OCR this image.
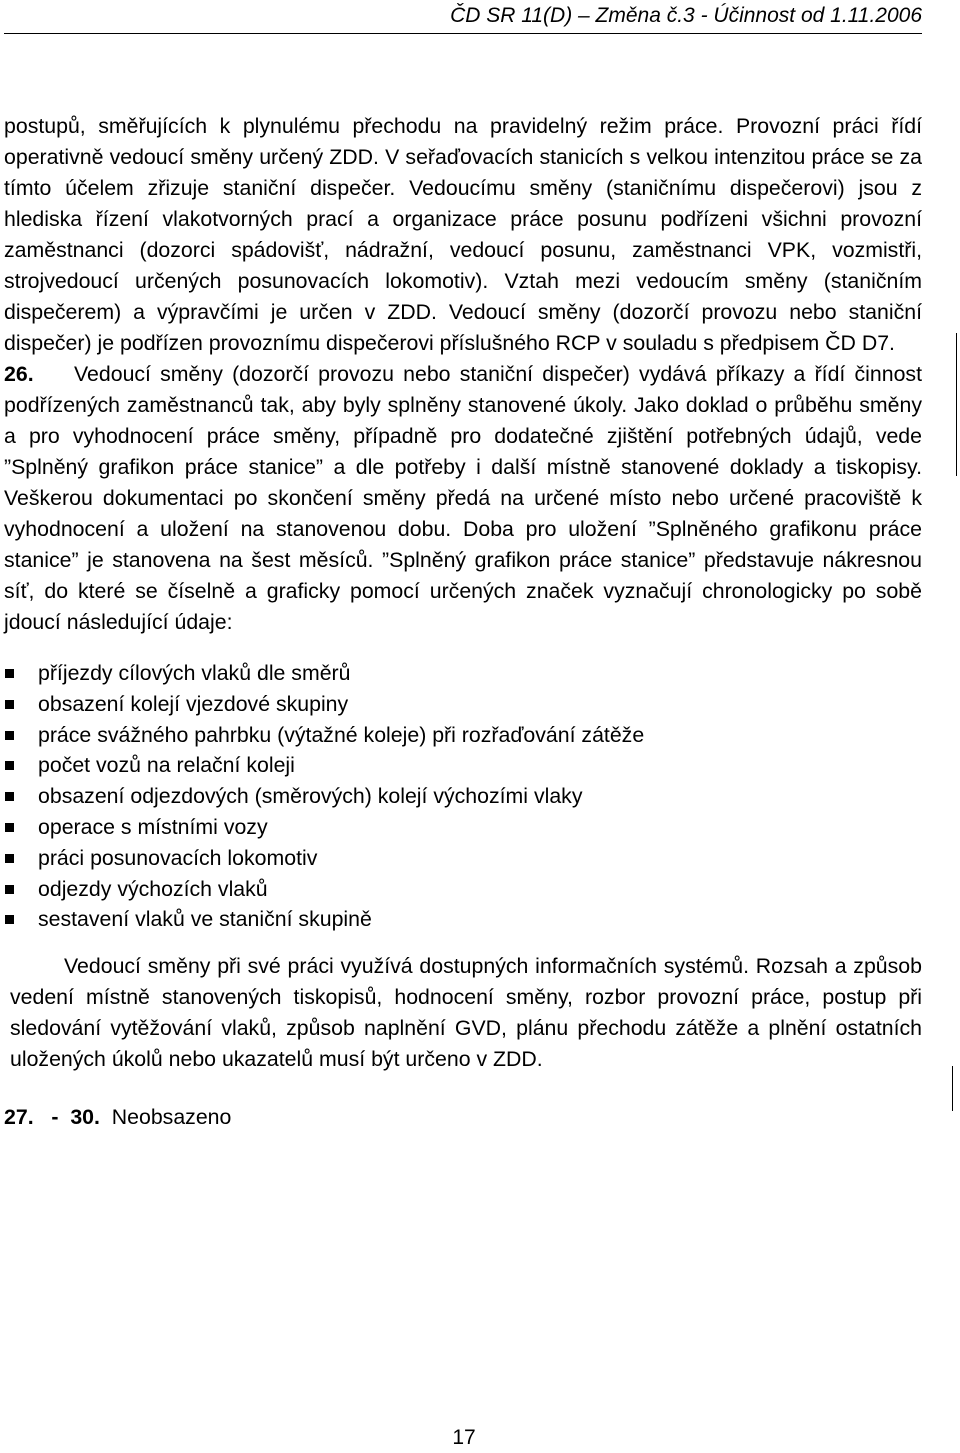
ČD SR 11(D) – Změna č.3 - Účinnost od 1.11.2006

postupů, směřujících k plynulému přechodu na pravidelný režim práce. Provozní práci řídí operativně vedoucí směny určený ZDD. V seřaďovacích stanicích s velkou intenzitou práce se za tímto účelem zřizuje staniční dispečer. Vedoucímu směny (staničnímu dispečerovi) jsou z hlediska řízení vlakotvorných prací a organizace práce posunu podřízeni všichni provozní zaměstnanci (dozorci spádovišť, nádražní, vedoucí posunu, zaměstnanci VPK, vozmistři, strojvedoucí určených posunovacích lokomotiv). Vztah mezi vedoucím směny (staničním dispečerem) a výpravčími je určen v ZDD. Vedoucí směny (dozorčí provozu nebo staniční dispečer) je podřízen provoznímu dispečerovi příslušného RCP v souladu s předpisem ČD D7.

26. Vedoucí směny (dozorčí provozu nebo staniční dispečer) vydává příkazy a řídí činnost podřízených zaměstnanců tak, aby byly splněny stanovené úkoly. Jako doklad o průběhu směny a pro vyhodnocení práce směny, případně pro dodatečné zjištění potřebných údajů, vede ”Splněný grafikon práce stanice” a dle potřeby i další místně stanovené doklady a tiskopisy. Veškerou dokumentaci po skončení směny předá na určené místo nebo určené pracoviště k vyhodnocení a uložení na stanovenou dobu. Doba pro uložení ”Splněného grafikonu práce stanice” je stanovena na šest měsíců. ”Splněný grafikon práce stanice” představuje nákresnou síť, do které se číselně a graficky pomocí určených značek vyznačují chronologicky po sobě jdoucí následující údaje:

příjezdy cílových vlaků dle směrů
obsazení kolejí vjezdové skupiny
práce svážného pahrbku (výtažné koleje) při rozřaďování zátěže
počet vozů na relační koleji
obsazení odjezdových (směrových) kolejí výchozími vlaky
operace s místními vozy
práci posunovacích lokomotiv
odjezdy výchozích vlaků
sestavení vlaků ve staniční skupině

Vedoucí směny při své práci využívá dostupných informačních systémů. Rozsah a způsob vedení místně stanovených tiskopisů, hodnocení směny, rozbor provozní práce, postup při sledování vytěžování vlaků, způsob naplnění GVD, plánu přechodu zátěže a plnění ostatních uložených úkolů nebo ukazatelů musí být určeno v ZDD.

27. - 30. Neobsazeno
17
